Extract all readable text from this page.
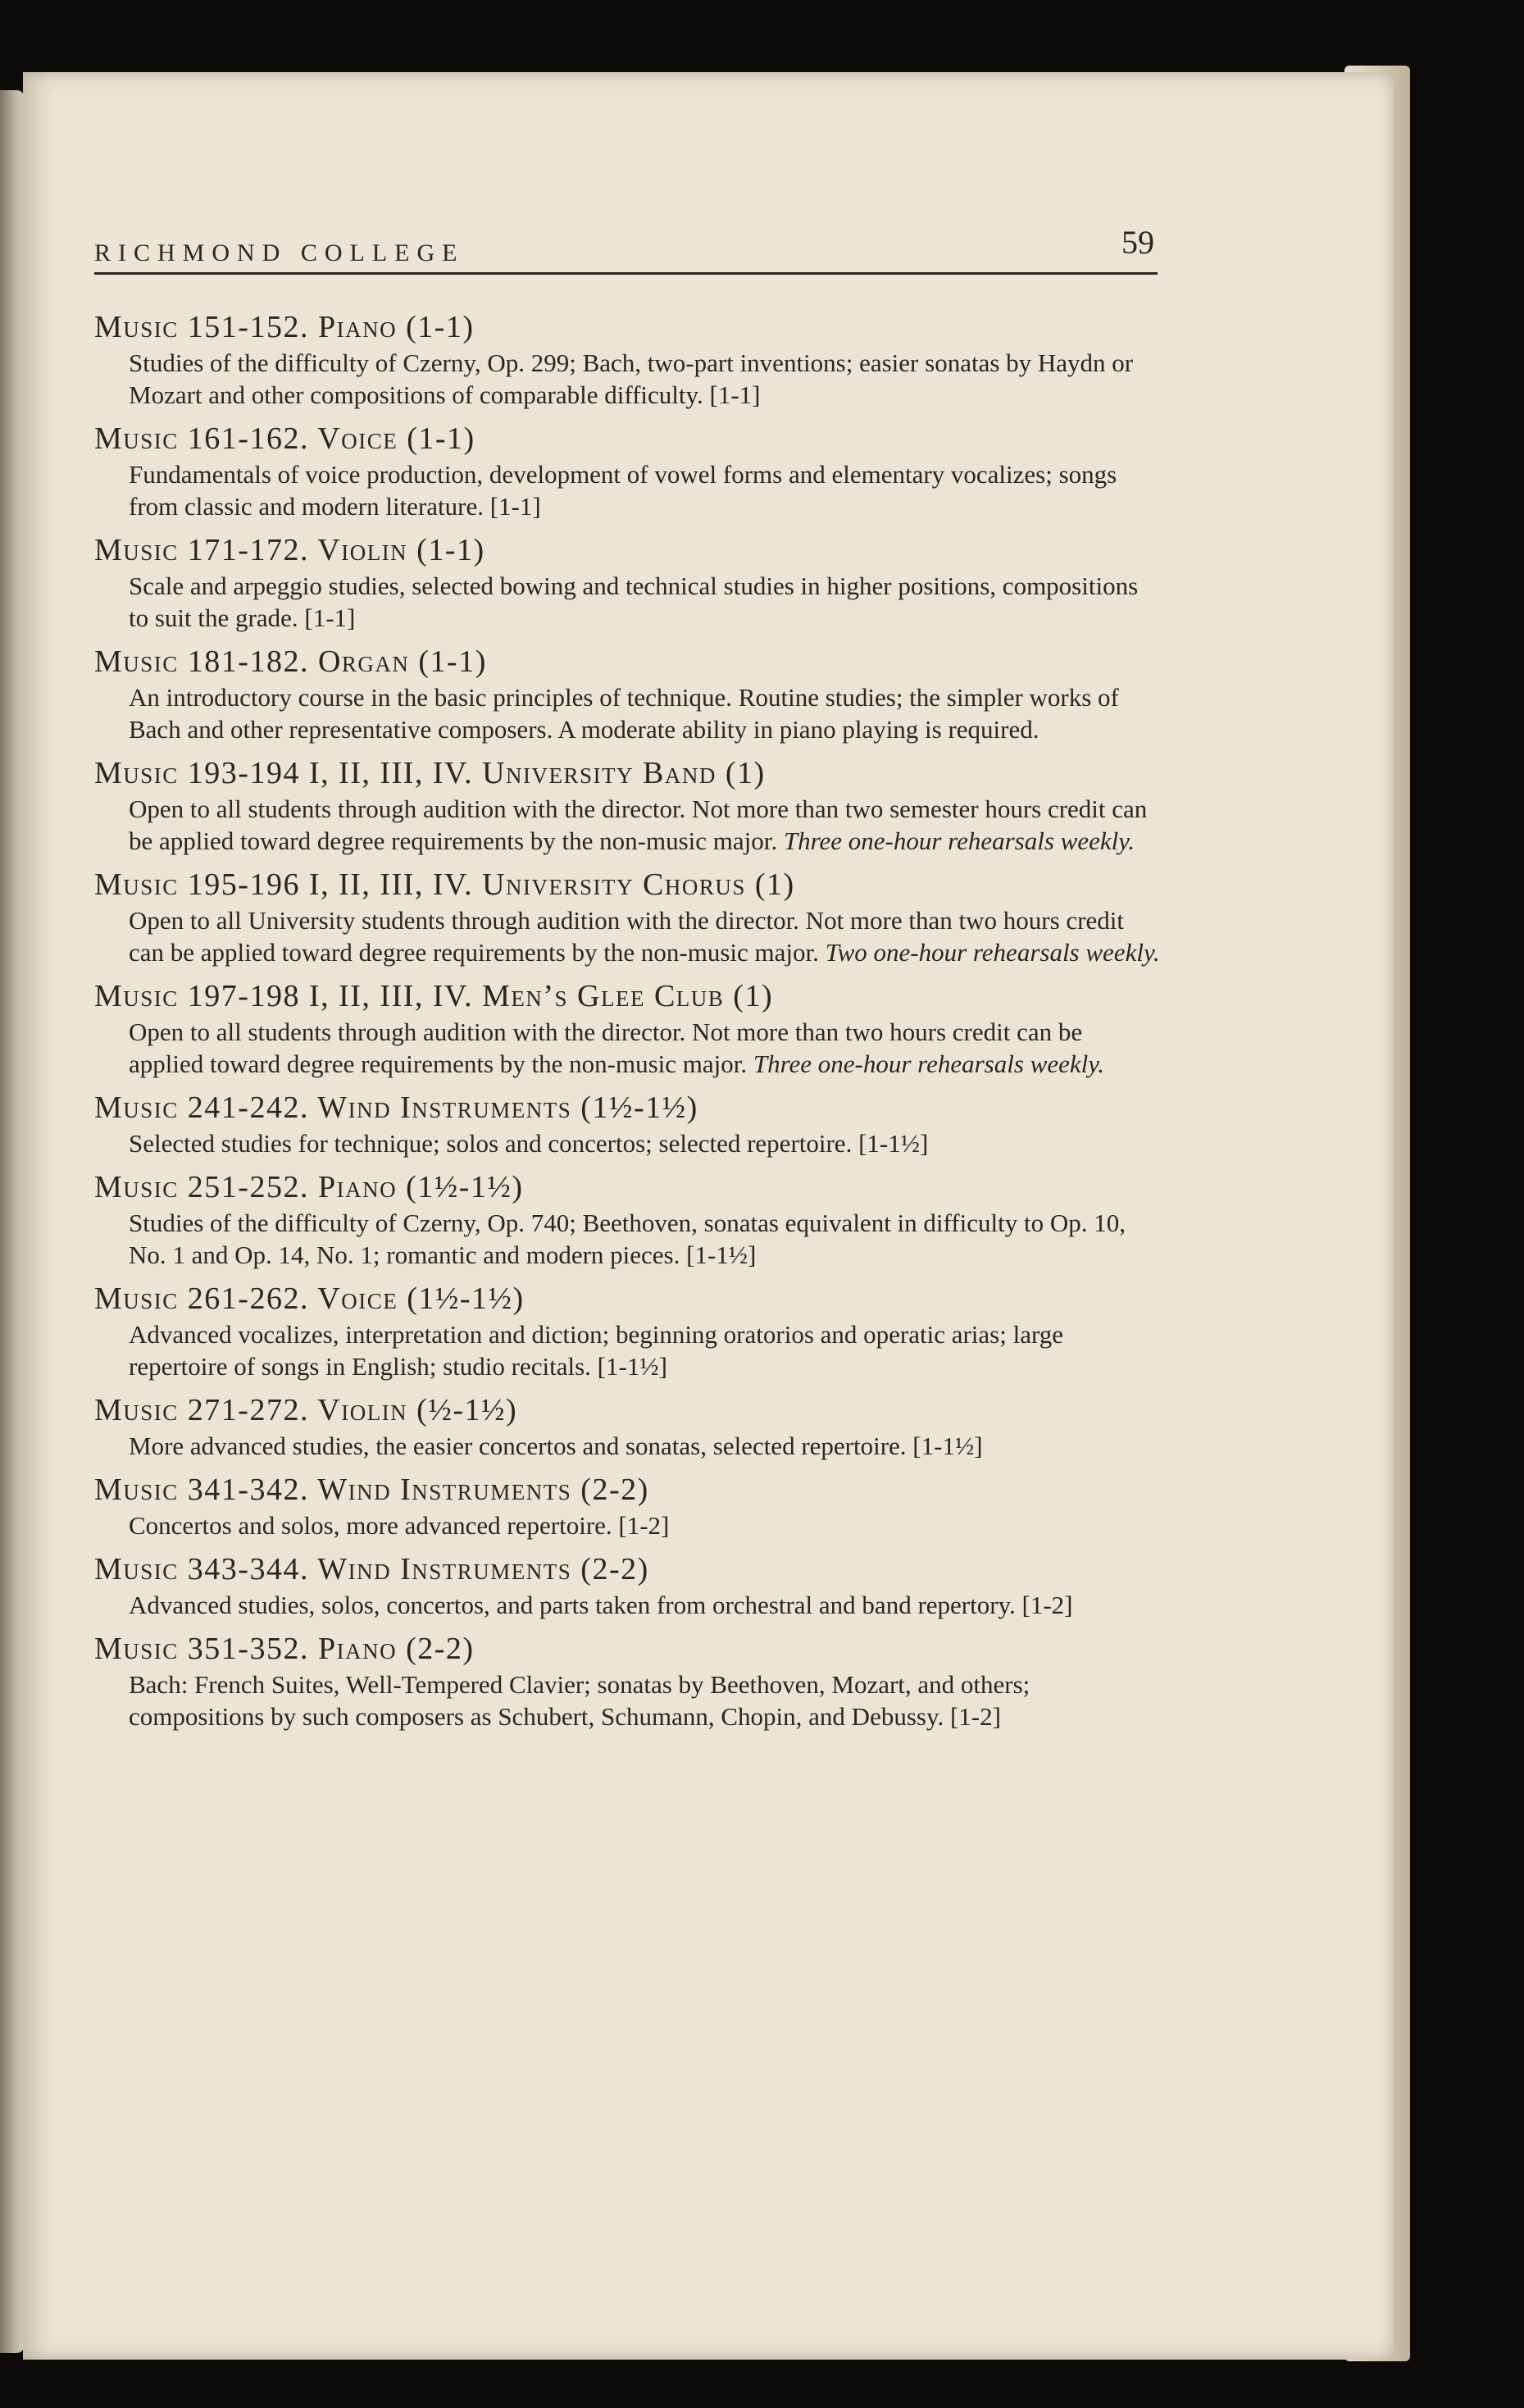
RICHMOND COLLEGE	59
Music 151-152. Piano (1-1)
Studies of the difficulty of Czerny, Op. 299; Bach, two-part inventions; easier sonatas by Haydn or Mozart and other compositions of comparable difficulty. [1-1]
Music 161-162. Voice (1-1)
Fundamentals of voice production, development of vowel forms and elementary vocalizes; songs from classic and modern literature. [1-1]
Music 171-172. Violin (1-1)
Scale and arpeggio studies, selected bowing and technical studies in higher positions, compositions to suit the grade. [1-1]
Music 181-182. Organ (1-1)
An introductory course in the basic principles of technique. Routine studies; the simpler works of Bach and other representative composers. A moderate ability in piano playing is required.
Music 193-194 I, II, III, IV. University Band (1)
Open to all students through audition with the director. Not more than two semester hours credit can be applied toward degree requirements by the non-music major. Three one-hour rehearsals weekly.
Music 195-196 I, II, III, IV. University Chorus (1)
Open to all University students through audition with the director. Not more than two hours credit can be applied toward degree requirements by the non-music major. Two one-hour rehearsals weekly.
Music 197-198 I, II, III, IV. Men’s Glee Club (1)
Open to all students through audition with the director. Not more than two hours credit can be applied toward degree requirements by the non-music major. Three one-hour rehearsals weekly.
Music 241-242. Wind Instruments (1½-1½)
Selected studies for technique; solos and concertos; selected repertoire. [1-1½]
Music 251-252. Piano (1½-1½)
Studies of the difficulty of Czerny, Op. 740; Beethoven, sonatas equivalent in difficulty to Op. 10, No. 1 and Op. 14, No. 1; romantic and modern pieces. [1-1½]
Music 261-262. Voice (1½-1½)
Advanced vocalizes, interpretation and diction; beginning oratorios and operatic arias; large repertoire of songs in English; studio recitals. [1-1½]
Music 271-272. Violin (½-1½)
More advanced studies, the easier concertos and sonatas, selected repertoire. [1-1½]
Music 341-342. Wind Instruments (2-2)
Concertos and solos, more advanced repertoire. [1-2]
Music 343-344. Wind Instruments (2-2)
Advanced studies, solos, concertos, and parts taken from orchestral and band repertory. [1-2]
Music 351-352. Piano (2-2)
Bach: French Suites, Well-Tempered Clavier; sonatas by Beethoven, Mozart, and others; compositions by such composers as Schubert, Schumann, Chopin, and Debussy. [1-2]
